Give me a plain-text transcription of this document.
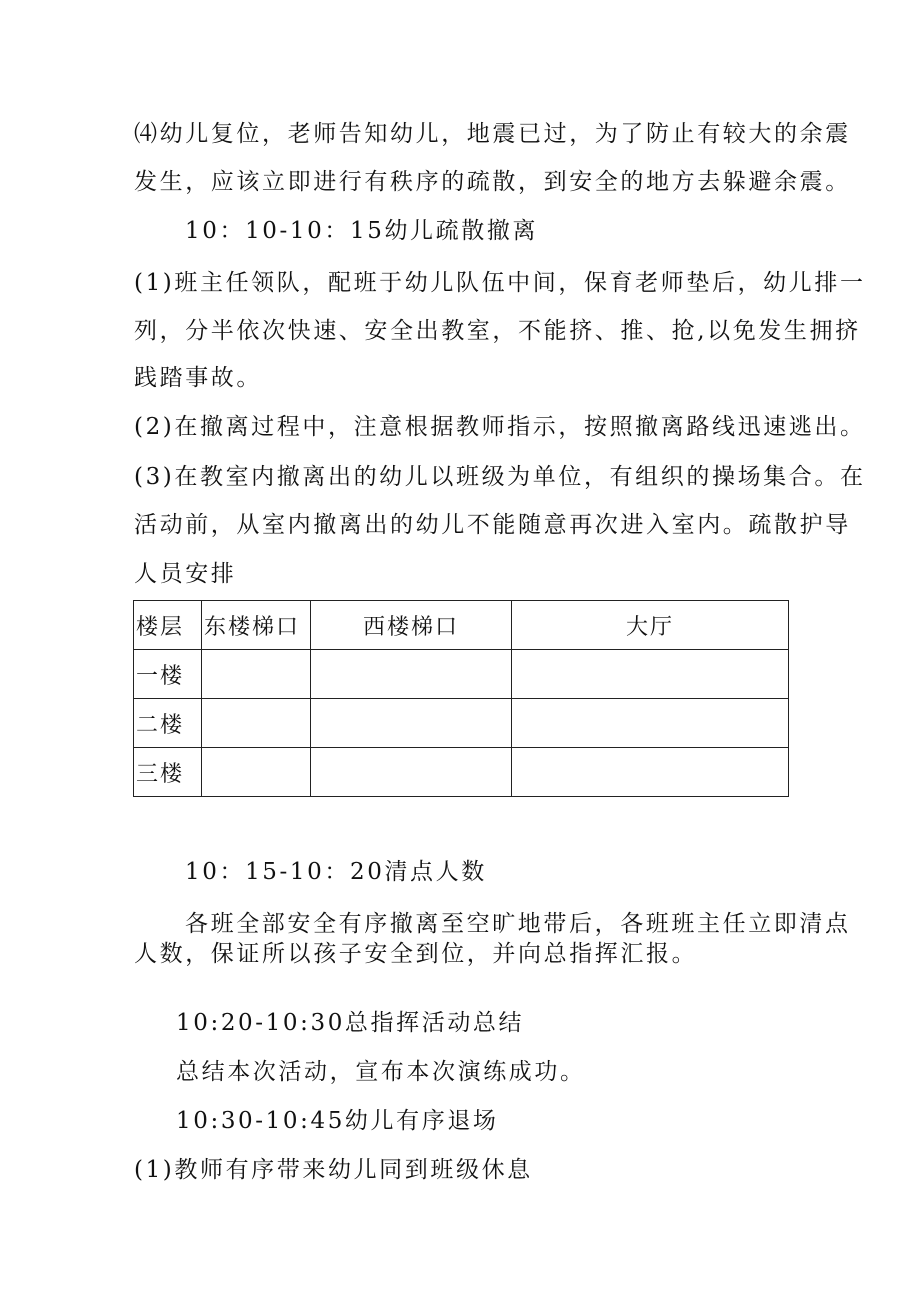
⑷幼儿复位，老师告知幼儿，地震已过，为了防止有较大的余震
发生，应该立即进行有秩序的疏散，到安全的地方去躲避余震。
10：10-10：15幼儿疏散撤离
(1)班主任领队，配班于幼儿队伍中间，保育老师垫后，幼儿排一
列，分半依次快速、安全出教室，不能挤、推、抢,以免发生拥挤
践踏事故。
(2)在撤离过程中，注意根据教师指示，按照撤离路线迅速逃出。
(3)在教室内撤离出的幼儿以班级为单位，有组织的操场集合。在
活动前，从室内撤离出的幼儿不能随意再次进入室内。疏散护导
人员安排
楼层	东楼梯口	西楼梯口	大厅
一楼			
二楼			
三楼			
10：15-10：20清点人数
各班全部安全有序撤离至空旷地带后，各班班主任立即清点
人数，保证所以孩子安全到位，并向总指挥汇报。
10:20-10:30总指挥活动总结
总结本次活动，宣布本次演练成功。
10:30-10:45幼儿有序退场
(1)教师有序带来幼儿同到班级休息
